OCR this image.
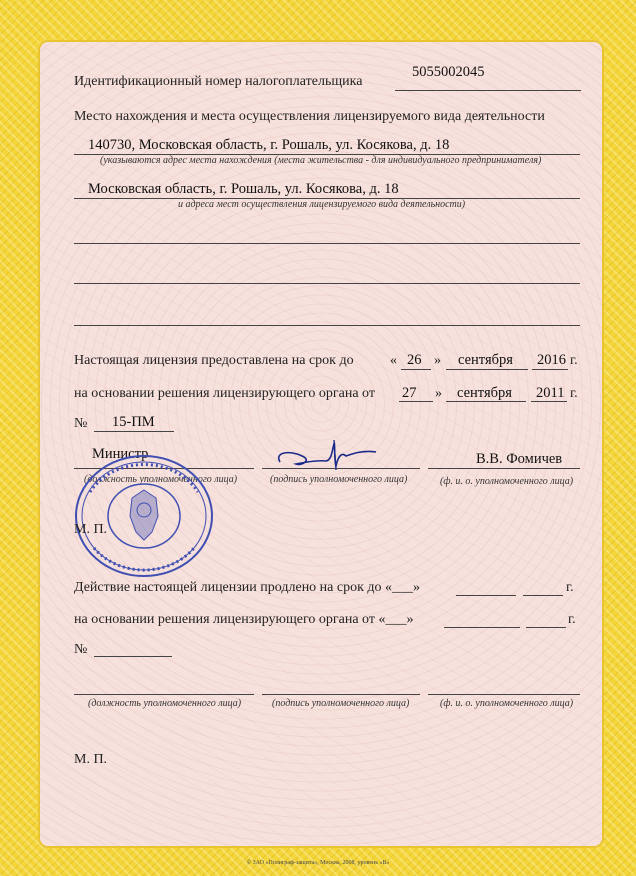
Идентификационный номер налогоплательщика
5055002045
Место нахождения и места осуществления лицензируемого вида деятельности
140730, Московская область, г. Рошаль, ул. Косякова, д. 18
(указываются адрес места нахождения (места жительства - для индивидуального предпринимателя)
Московская область, г. Рошаль, ул. Косякова, д. 18
и адреса мест осуществления лицензируемого вида деятельности)
Настоящая лицензия предоставлена на срок до	« 26 » сентября 2016 г.
на основании решения лицензирующего органа от 27 » сентября 2011 г.
№ 15-ПМ
Министр	В.В. Фомичев
(должность уполномоченного лица)	(подпись уполномоченного лица)	(ф. и. о. уполномоченного лица)
М. П.
Действие настоящей лицензии продлено на срок до «___»	г.
на основании решения лицензирующего органа от «___»	г.
№
(должность уполномоченного лица)	(подпись уполномоченного лица)	(ф. и. о. уполномоченного лица)
М. П.
© ЗАО «Полиграф-защита», Москва, 2008, уровень «В»
